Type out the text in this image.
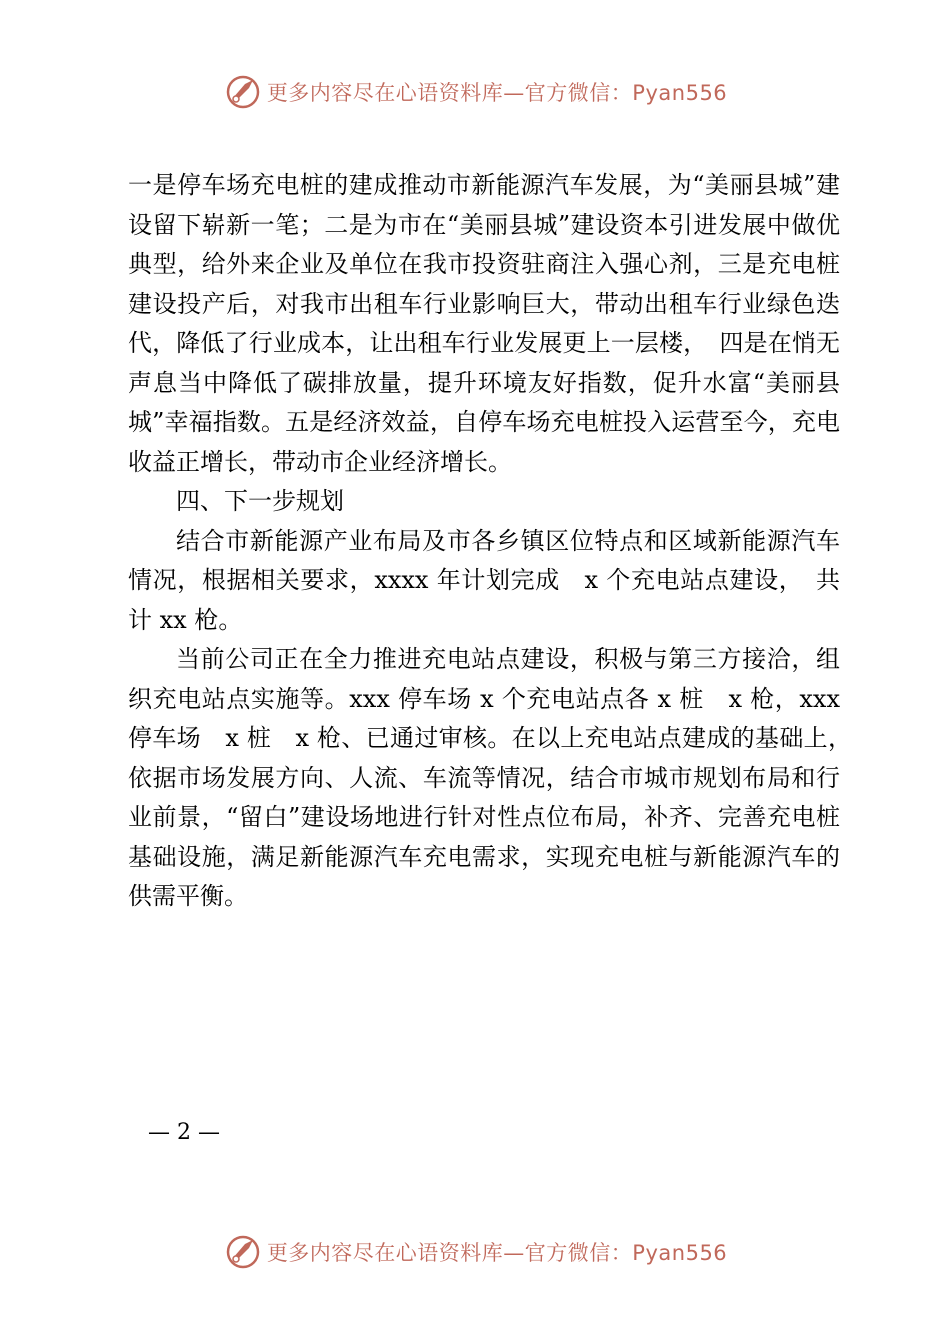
更多内容尽在心语资料库—官方微信：Pyan556

一是停车场充电桩的建成推动市新能源汽车发展，为“美丽县城”建设留下崭新一笔；二是为市在“美丽县城”建设资本引进发展中做优典型，给外来企业及单位在我市投资驻商注入强心剂，三是充电桩建设投产后，对我市出租车行业影响巨大，带动出租车行业绿色迭代，降低了行业成本，让出租车行业发展更上一层楼，　四是在悄无声息当中降低了碳排放量，提升环境友好指数，促升水富“美丽县城”幸福指数。五是经济效益，自停车场充电桩投入运营至今，充电收益正增长，带动市企业经济增长。

四、下一步规划

结合市新能源产业布局及市各乡镇区位特点和区域新能源汽车情况，根据相关要求，xxxx 年计划完成　x 个充电站点建设，　共计 xx 枪。

当前公司正在全力推进充电站点建设，积极与第三方接洽，组织充电站点实施等。xxx 停车场 x 个充电站点各 x 桩　x 枪，xxx 停车场　x 桩　x 枪、已通过审核。在以上充电站点建成的基础上，　依据市场发展方向、人流、车流等情况，结合市城市规划布局和行业前景，“留白”建设场地进行针对性点位布局，补齐、完善充电桩基础设施，满足新能源汽车充电需求，实现充电桩与新能源汽车的供需平衡。

— 2 —
更多内容尽在心语资料库—官方微信：Pyan556
